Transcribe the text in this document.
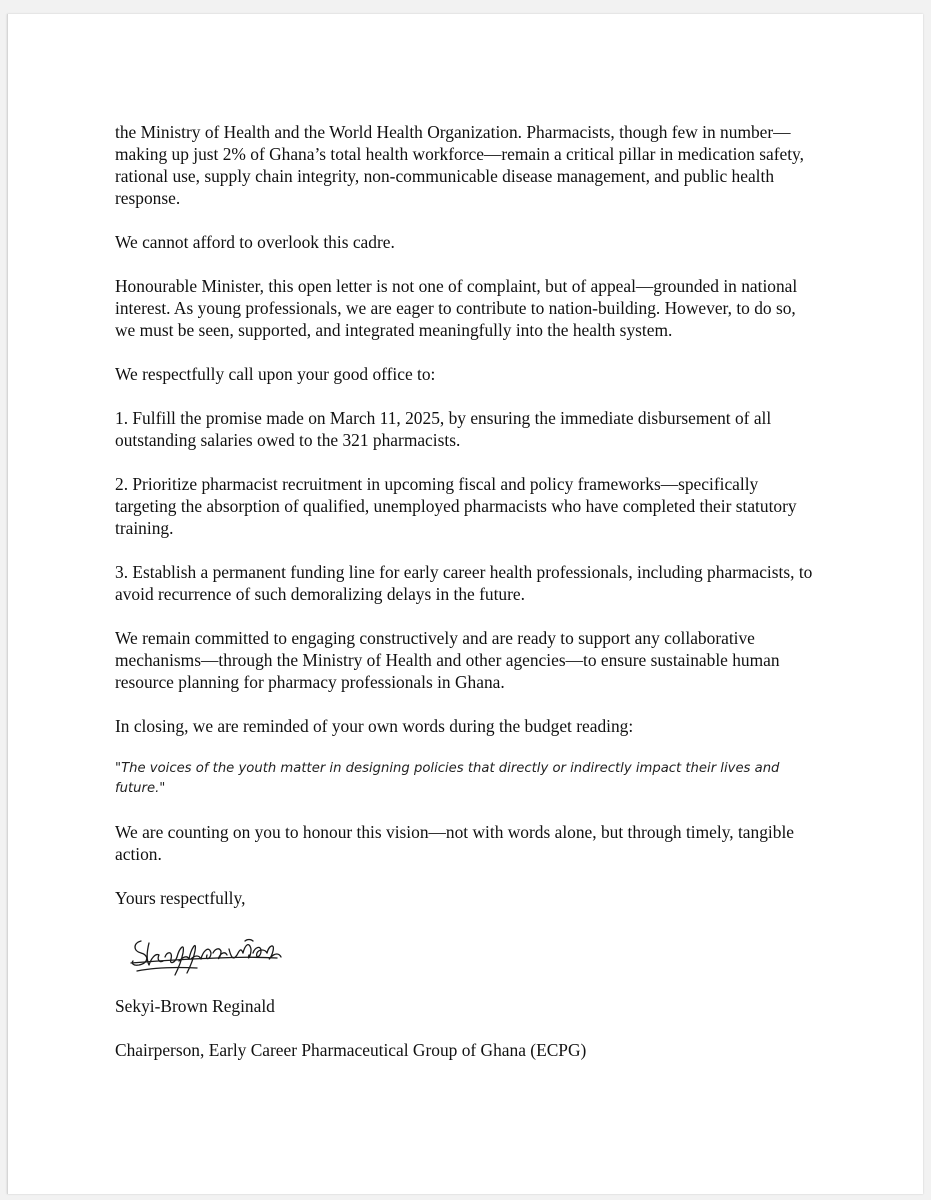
the Ministry of Health and the World Health Organization. Pharmacists, though few in number—making up just 2% of Ghana’s total health workforce—remain a critical pillar in medication safety, rational use, supply chain integrity, non-communicable disease management, and public health response.

We cannot afford to overlook this cadre.

Honourable Minister, this open letter is not one of complaint, but of appeal—grounded in national interest. As young professionals, we are eager to contribute to nation-building. However, to do so, we must be seen, supported, and integrated meaningfully into the health system.

We respectfully call upon your good office to:

1. Fulfill the promise made on March 11, 2025, by ensuring the immediate disbursement of all outstanding salaries owed to the 321 pharmacists.

2. Prioritize pharmacist recruitment in upcoming fiscal and policy frameworks—specifically targeting the absorption of qualified, unemployed pharmacists who have completed their statutory training.

3. Establish a permanent funding line for early career health professionals, including pharmacists, to avoid recurrence of such demoralizing delays in the future.

We remain committed to engaging constructively and are ready to support any collaborative mechanisms—through the Ministry of Health and other agencies—to ensure sustainable human resource planning for pharmacy professionals in Ghana.

In closing, we are reminded of your own words during the budget reading:

"The voices of the youth matter in designing policies that directly or indirectly impact their lives and future."

We are counting on you to honour this vision—not with words alone, but through timely, tangible action.

Yours respectfully,

Sekyi-Brown Reginald

Chairperson, Early Career Pharmaceutical Group of Ghana (ECPG)
